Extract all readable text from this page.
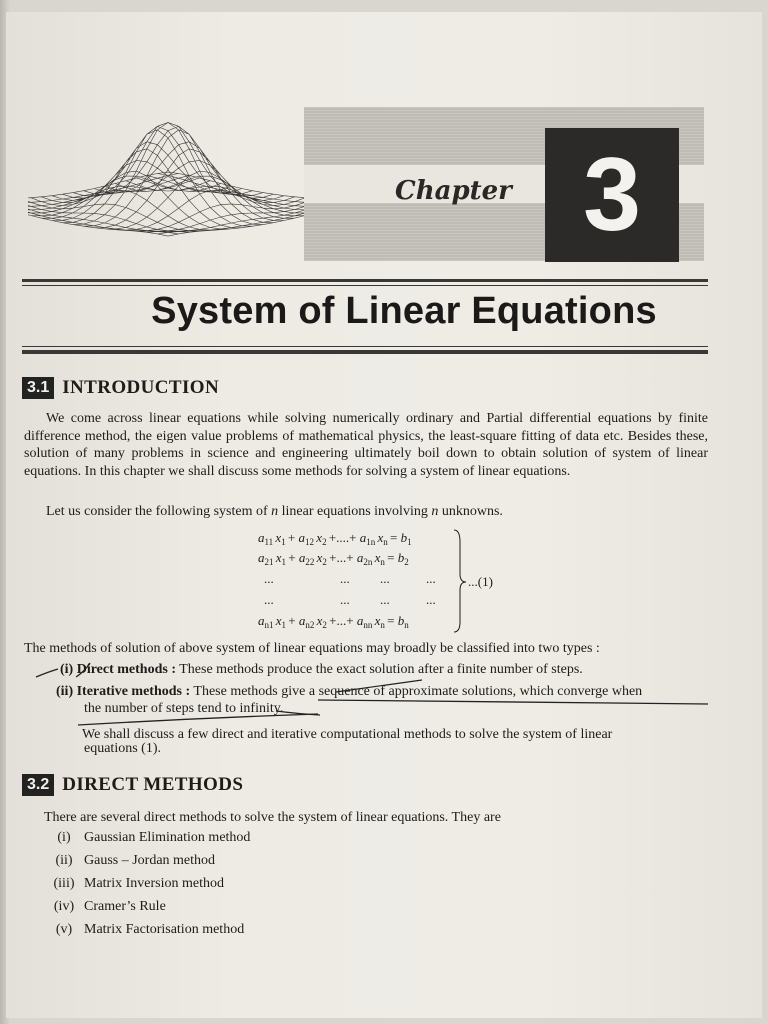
Chapter 3
System of Linear Equations
3.1 INTRODUCTION
We come across linear equations while solving numerically ordinary and Partial differential equations by finite difference method, the eigen value problems of mathematical physics, the least-square fitting of data etc. Besides these, solution of many problems in science and engineering ultimately boil down to obtain solution of system of linear equations. In this chapter we shall discuss some methods for solving a system of linear equations.
Let us consider the following system of n linear equations involving n unknowns.
$a_{11}$ $x_1 + a_{12}$ $x_2$ +....+ $a_{1n}$ $x_n = b_1$
$a_{21}$ $x_1 + a_{22}$ $x_2$ +...+ $a_{2n}$ $x_n = b_2$
...	... ...	...
...	... ...	...
$a_{n1}$ $x_1 + a_{n2}$ $x_2$ +...+ $a_{nn}$ $x_n = b_n$
...(1)
The methods of solution of above system of linear equations may broadly be classified into two types :
(i) Direct methods : These methods produce the exact solution after a finite number of steps.
(ii) Iterative methods : These methods give a sequence of approximate solutions, which converge when
the number of steps tend to infinity.
We shall discuss a few direct and iterative computational methods to solve the system of linear
equations (1).
3.2 DIRECT METHODS
There are several direct methods to solve the system of linear equations. They are
(i) Gaussian Elimination method
(ii) Gauss – Jordan method
(iii) Matrix Inversion method
(iv) Cramer’s Rule
(v) Matrix Factorisation method
